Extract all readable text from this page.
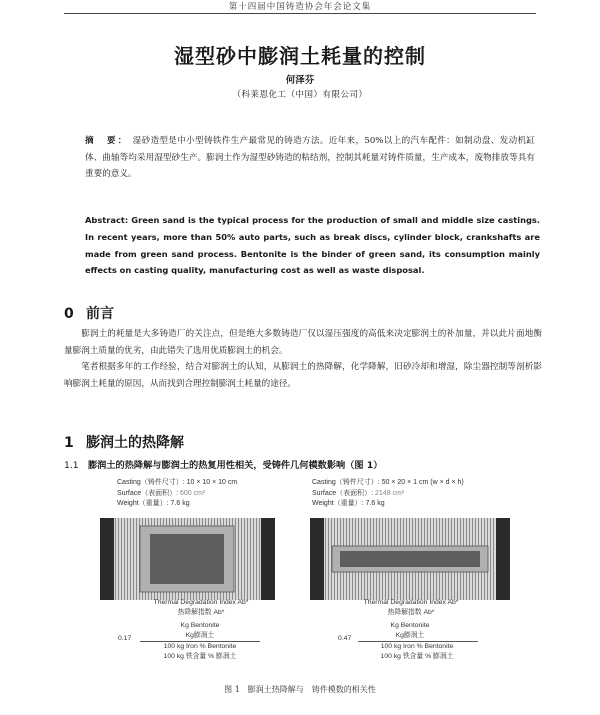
第十四届中国铸造协会年会论文集
湿型砂中膨润土耗量的控制
何泽芬
（科莱恩化工（中国）有限公司）
摘　要： 湿砂造型是中小型铸铁件生产最常见的铸造方法。近年来，50%以上的汽车配件：如制动盘、发动机缸体、曲轴等均采用湿型砂生产。膨润土作为湿型砂铸造的粘结剂，控制其耗量对铸件质量，生产成本，废物排放等具有重要的意义。
Abstract: Green sand is the typical process for the production of small and middle size castings. In recent years, more than 50% auto parts, such as break discs, cylinder block, crankshafts are made from green sand process. Bentonite is the binder of green sand, its consumption mainly effects on casting quality, manufacturing cost as well as waste disposal.
0 前言
膨润土的耗量是大多铸造厂的关注点，但是绝大多数铸造厂仅以湿压强度的高低来决定膨润土的补加量，并以此片面地衡量膨润土质量的优劣，由此错失了选用优质膨润土的机会。
笔者根据多年的工作经验，结合对膨润土的认知，从膨润土的热降解，化学降解，旧砂冷却和增湿，除尘器控制等剖析影响膨润土耗量的原因，从而找到合理控制膨润土耗量的途径。
1 膨润土的热降解
1.1 膨润土的热降解与膨润土的热复用性相关，受铸件几何模数影响（图 1）
Casting（铸件尺寸）: 10 × 10 × 10 cm
Surface（表面积）: 600 cm²
Weight（重量）: 7.6 kg
Casting（铸件尺寸）: 50 × 20 × 1 cm (w × d × h)
Surface（表面积）: 2148 cm²
Weight（重量）: 7.6 kg
Thermal Degradation Index Ab*
热降解指数 Ab*
Kg Bentonite
Kg膨润土
0.17
100 kg Iron % Bentonite
100 kg 铁含量 % 膨润土
Thermal Degradation Index Ab*
热降解指数 Ab*
Kg Bentonite
Kg膨润土
0.47
100 kg Iron % Bentonite
100 kg 铁含量 % 膨润土
图 1　膨润土热降解与　铸件模数的相关性
